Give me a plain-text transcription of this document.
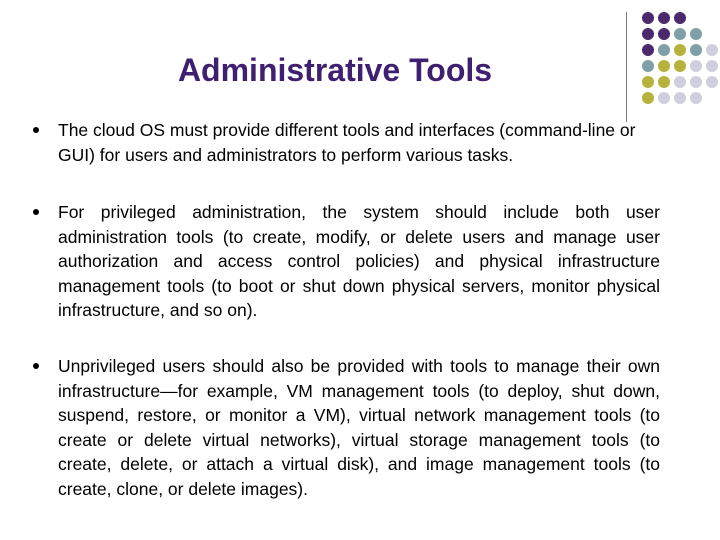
Administrative Tools
The cloud OS must provide different tools and interfaces (command-line or GUI) for users and administrators to perform various tasks.
For privileged administration, the system should include both user administration tools (to create, modify, or delete users and manage user authorization and access control policies) and physical infrastructure management tools (to boot or shut down physical servers, monitor physical infrastructure, and so on).
Unprivileged users should also be provided with tools to manage their own infrastructure—for example, VM management tools (to deploy, shut down, suspend, restore, or monitor a VM), virtual network management tools (to create or delete virtual networks), virtual storage management tools (to create, delete, or attach a virtual disk), and image management tools (to create, clone, or delete images).
